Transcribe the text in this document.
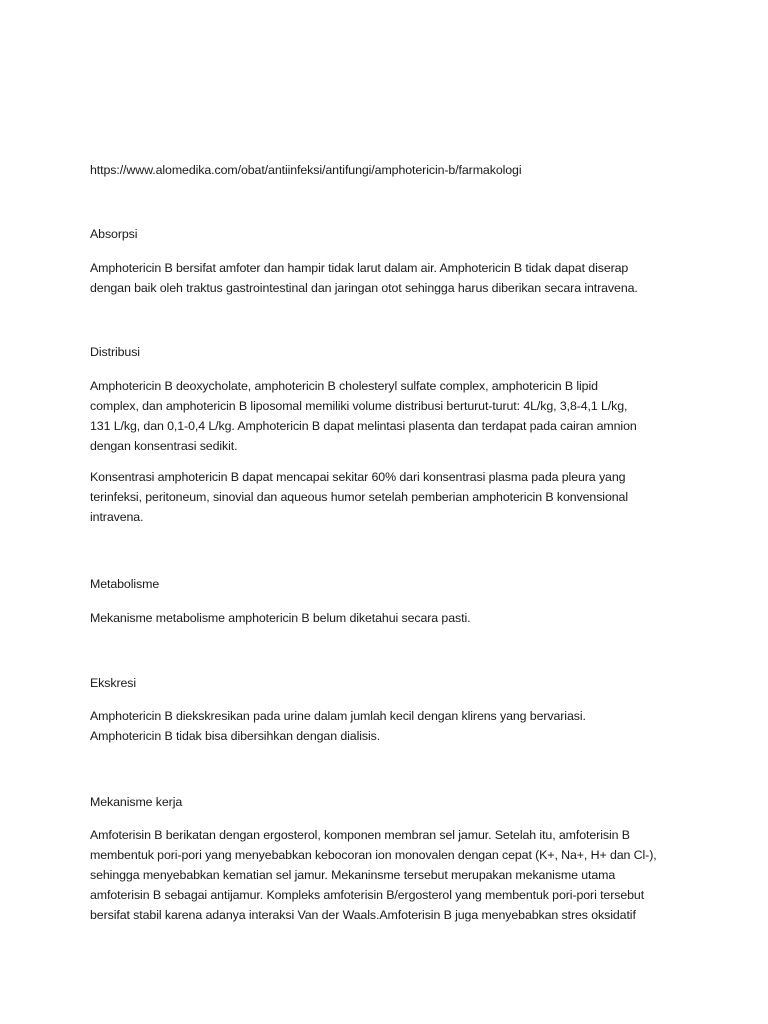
https://www.alomedika.com/obat/antiinfeksi/antifungi/amphotericin-b/farmakologi

Absorpsi

Amphotericin B bersifat amfoter dan hampir tidak larut dalam air. Amphotericin B tidak dapat diserap
dengan baik oleh traktus gastrointestinal dan jaringan otot sehingga harus diberikan secara intravena.

Distribusi

Amphotericin B deoxycholate, amphotericin B cholesteryl sulfate complex, amphotericin B lipid
complex, dan amphotericin B liposomal memiliki volume distribusi berturut-turut: 4L/kg, 3,8-4,1 L/kg,
131 L/kg, dan 0,1-0,4 L/kg. Amphotericin B dapat melintasi plasenta dan terdapat pada cairan amnion
dengan konsentrasi sedikit.

Konsentrasi amphotericin B dapat mencapai sekitar 60% dari konsentrasi plasma pada pleura yang
terinfeksi, peritoneum, sinovial dan aqueous humor setelah pemberian amphotericin B konvensional
intravena.

Metabolisme

Mekanisme metabolisme amphotericin B belum diketahui secara pasti.

Ekskresi

Amphotericin B diekskresikan pada urine dalam jumlah kecil dengan klirens yang bervariasi.
Amphotericin B tidak bisa dibersihkan dengan dialisis.

Mekanisme kerja

Amfoterisin B berikatan dengan ergosterol, komponen membran sel jamur. Setelah itu, amfoterisin B
membentuk pori-pori yang menyebabkan kebocoran ion monovalen dengan cepat (K+, Na+, H+ dan Cl-),
sehingga menyebabkan kematian sel jamur. Mekaninsme tersebut merupakan mekanisme utama
amfoterisin B sebagai antijamur. Kompleks amfoterisin B/ergosterol yang membentuk pori-pori tersebut
bersifat stabil karena adanya interaksi Van der Waals.Amfoterisin B juga menyebabkan stres oksidatif
